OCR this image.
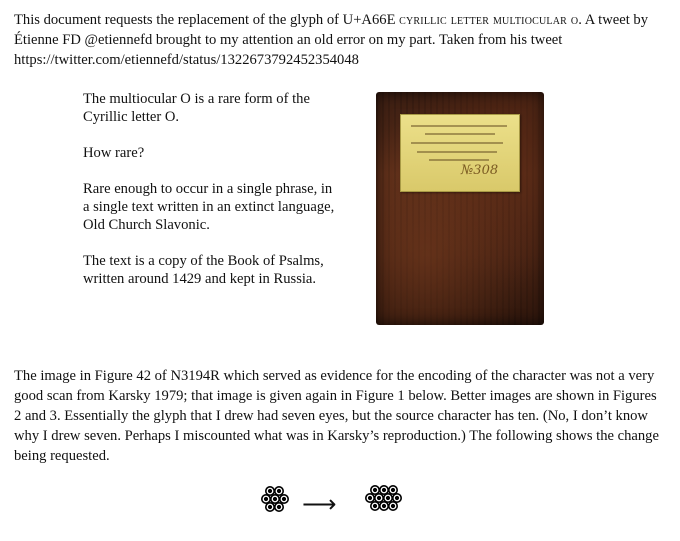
This document requests the replacement of the glyph of U+A66E cyrillic letter multiocular o. A tweet by Étienne FD @etiennefd brought to my attention an old error on my part. Taken from his tweet https://twitter.com/etiennefd/status/1322673792452354048

The multiocular O is a rare form of the Cyrillic letter O.

How rare?

Rare enough to occur in a single phrase, in a single text written in an extinct language, Old Church Slavonic.

The text is a copy of the Book of Psalms, written around 1429 and kept in Russia.

№308

The image in Figure 42 of N3194R which served as evidence for the encoding of the character was not a very good scan from Karsky 1979; that image is given again in Figure 1 below. Better images are shown in Figures 2 and 3. Essentially the glyph that I drew had seven eyes, but the source character has ten. (No, I don’t know why I drew seven. Perhaps I miscounted what was in Karsky’s reproduction.) The following shows the change being requested.

⟶
